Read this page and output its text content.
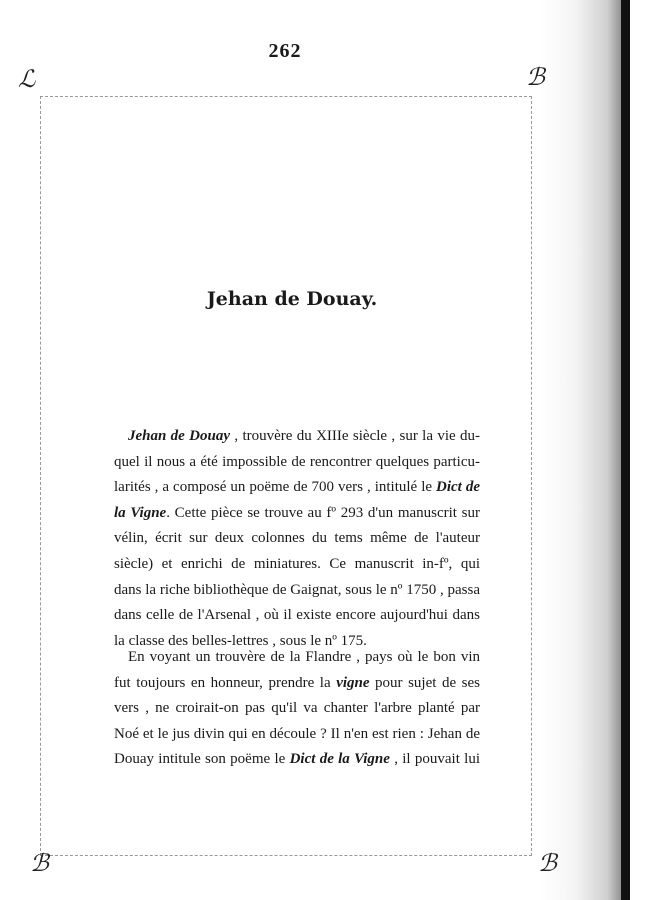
262
ℒ	ℬ
ℬ	ℬ
Jehan de Douay.
Jehan de Douay , trouvère du XIIIe siècle , sur la vie du-
quel il nous a été impossible de rencontrer quelques particu-
larités , a composé un poëme de 700 vers , intitulé le Dict de
la Vigne. Cette pièce se trouve au fº 293 d'un manuscrit sur
vélin, écrit sur deux colonnes du tems même de l'auteur
siècle) et enrichi de miniatures. Ce manuscrit in-fº, qui
dans la riche bibliothèque de Gaignat, sous le nº 1750 , passa
dans celle de l'Arsenal , où il existe encore aujourd'hui dans
la classe des belles-lettres , sous le nº 175.
En voyant un trouvère de la Flandre , pays où le bon vin
fut toujours en honneur, prendre la vigne pour sujet de ses
vers , ne croirait-on pas qu'il va chanter l'arbre planté par
Noé et le jus divin qui en découle ? Il n'en est rien : Jehan de
Douay intitule son poëme le Dict de la Vigne , il pouvait lui
